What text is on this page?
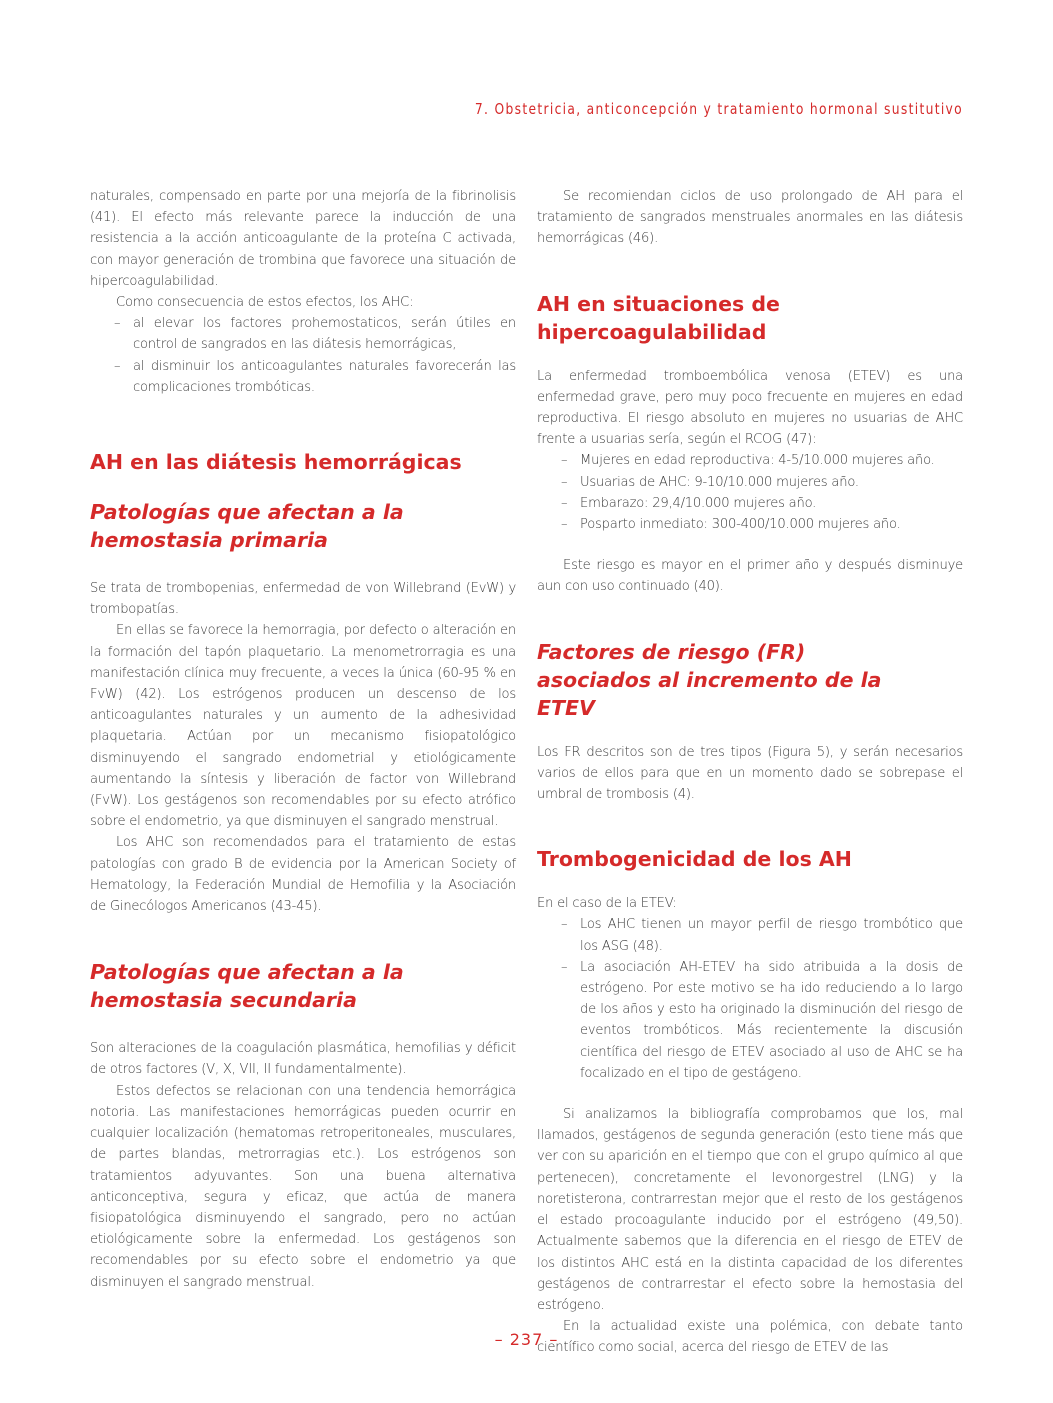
7. Obstetricia, anticoncepción y tratamiento hormonal sustitutivo

naturales, compensado en parte por una mejoría de la fibrinolisis (41). El efecto más relevante parece la inducción de una resistencia a la acción anticoagulante de la proteína C activada, con mayor generación de trombina que favorece una situación de hipercoagulabilidad.

Como consecuencia de estos efectos, los AHC:

– al elevar los factores prohemostaticos, serán útiles en control de sangrados en las diátesis hemorrágicas,
– al disminuir los anticoagulantes naturales favorecerán las complicaciones trombóticas.
AH en las diátesis hemorrágicas
Patologías que afectan a la hemostasia primaria

Se trata de trombopenias, enfermedad de von Willebrand (EvW) y trombopatías.

En ellas se favorece la hemorragia, por defecto o alteración en la formación del tapón plaquetario. La menometrorragia es una manifestación clínica muy frecuente, a veces la única (60-95 % en FvW) (42). Los estrógenos producen un descenso de los anticoagulantes naturales y un aumento de la adhesividad plaquetaria. Actúan por un mecanismo fisiopatológico disminuyendo el sangrado endometrial y etiológicamente aumentando la síntesis y liberación de factor von Willebrand (FvW). Los gestágenos son recomendables por su efecto atrófico sobre el endometrio, ya que disminuyen el sangrado menstrual.

Los AHC son recomendados para el tratamiento de estas patologías con grado B de evidencia por la American Society of Hematology, la Federación Mundial de Hemofilia y la Asociación de Ginecólogos Americanos (43-45).

Patologías que afectan a la hemostasia secundaria

Son alteraciones de la coagulación plasmática, hemofilias y déficit de otros factores (V, X, VII, II fundamentalmente).

Estos defectos se relacionan con una tendencia hemorrágica notoria. Las manifestaciones hemorrágicas pueden ocurrir en cualquier localización (hematomas retroperitoneales, musculares, de partes blandas, metrorragias etc.). Los estrógenos son tratamientos adyuvantes. Son una buena alternativa anticonceptiva, segura y eficaz, que actúa de manera fisiopatológica disminuyendo el sangrado, pero no actúan etiológicamente sobre la enfermedad. Los gestágenos son recomendables por su efecto sobre el endometrio ya que disminuyen el sangrado menstrual.

Se recomiendan ciclos de uso prolongado de AH para el tratamiento de sangrados menstruales anormales en las diátesis hemorrágicas (46).

AH en situaciones de hipercoagulabilidad

La enfermedad tromboembólica venosa (ETEV) es una enfermedad grave, pero muy poco frecuente en mujeres en edad reproductiva. El riesgo absoluto en mujeres no usuarias de AHC frente a usuarias sería, según el RCOG (47):

– Mujeres en edad reproductiva: 4-5/10.000 mujeres año.
– Usuarias de AHC: 9-10/10.000 mujeres año.
– Embarazo: 29,4/10.000 mujeres año.
– Posparto inmediato: 300-400/10.000 mujeres año.

Este riesgo es mayor en el primer año y después disminuye aun con uso continuado (40).

Factores de riesgo (FR) asociados al incremento de la ETEV

Los FR descritos son de tres tipos (Figura 5), y serán necesarios varios de ellos para que en un momento dado se sobrepase el umbral de trombosis (4).

Trombogenicidad de los AH

En el caso de la ETEV:

– Los AHC tienen un mayor perfil de riesgo trombótico que los ASG (48).
– La asociación AH-ETEV ha sido atribuida a la dosis de estrógeno. Por este motivo se ha ido reduciendo a lo largo de los años y esto ha originado la disminución del riesgo de eventos trombóticos. Más recientemente la discusión científica del riesgo de ETEV asociado al uso de AHC se ha focalizado en el tipo de gestágeno.

Si analizamos la bibliografía comprobamos que los, mal llamados, gestágenos de segunda generación (esto tiene más que ver con su aparición en el tiempo que con el grupo químico al que pertenecen), concretamente el levonorgestrel (LNG) y la noretisterona, contrarrestan mejor que el resto de los gestágenos el estado procoagulante inducido por el estrógeno (49,50). Actualmente sabemos que la diferencia en el riesgo de ETEV de los distintos AHC está en la distinta capacidad de los diferentes gestágenos de contrarrestar el efecto sobre la hemostasia del estrógeno.

En la actualidad existe una polémica, con debate tanto científico como social, acerca del riesgo de ETEV de las

– 237 –
